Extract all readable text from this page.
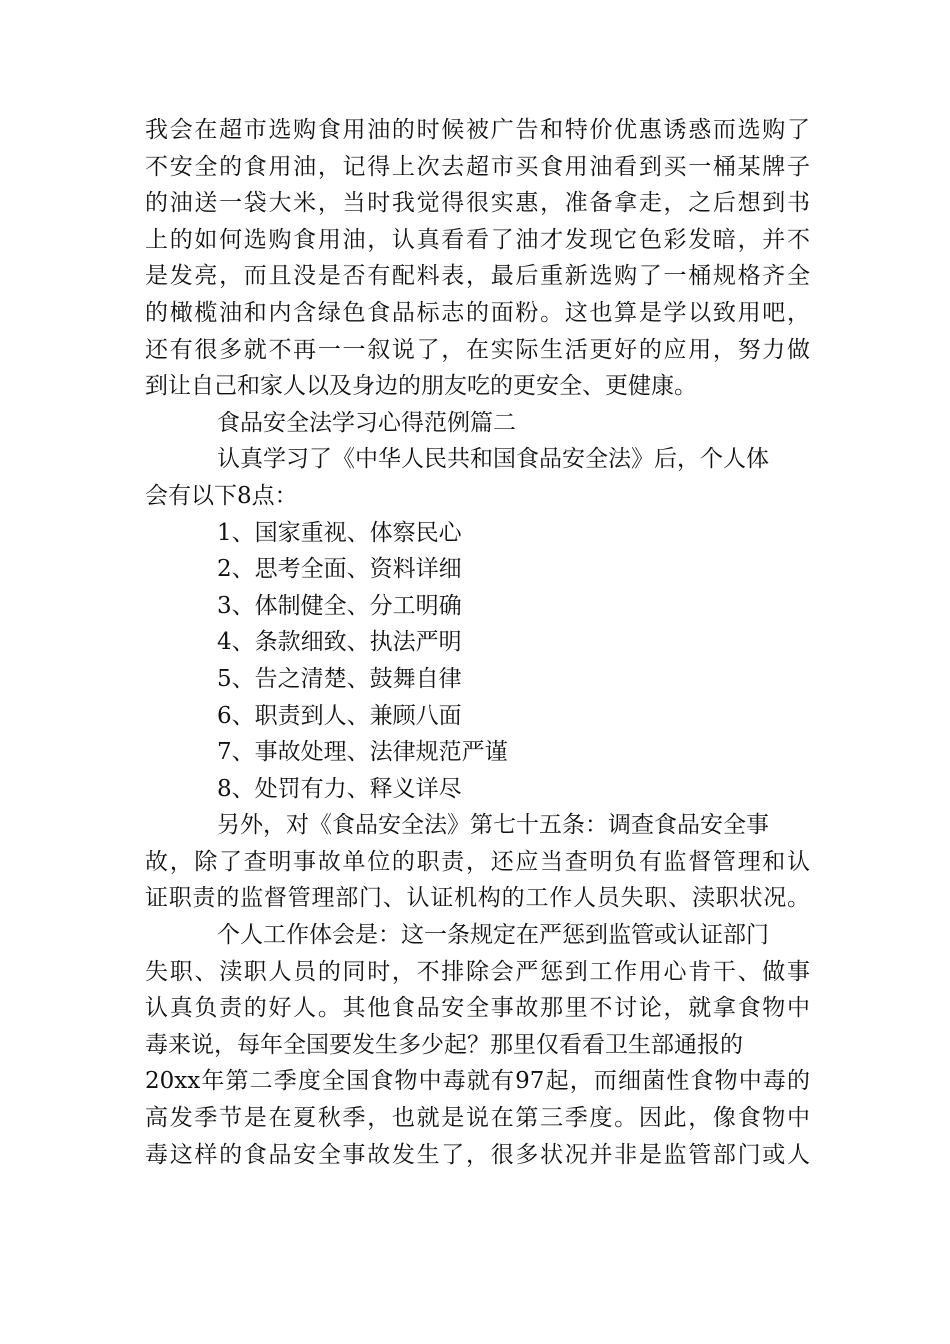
我会在超市选购食用油的时候被广告和特价优惠诱惑而选购了
不安全的食用油，记得上次去超市买食用油看到买一桶某牌子
的油送一袋大米，当时我觉得很实惠，准备拿走，之后想到书
上的如何选购食用油，认真看看了油才发现它色彩发暗，并不
是发亮，而且没是否有配料表，最后重新选购了一桶规格齐全
的橄榄油和内含绿色食品标志的面粉。这也算是学以致用吧，
还有很多就不再一一叙说了，在实际生活更好的应用，努力做
到让自己和家人以及身边的朋友吃的更安全、更健康。
食品安全法学习心得范例篇二
认真学习了《中华人民共和国食品安全法》后，个人体
会有以下8点：
1、国家重视、体察民心
2、思考全面、资料详细
3、体制健全、分工明确
4、条款细致、执法严明
5、告之清楚、鼓舞自律
6、职责到人、兼顾八面
7、事故处理、法律规范严谨
8、处罚有力、释义详尽
另外，对《食品安全法》第七十五条：调查食品安全事
故，除了查明事故单位的职责，还应当查明负有监督管理和认
证职责的监督管理部门、认证机构的工作人员失职、渎职状况。
个人工作体会是：这一条规定在严惩到监管或认证部门
失职、渎职人员的同时，不排除会严惩到工作用心肯干、做事
认真负责的好人。其他食品安全事故那里不讨论，就拿食物中
毒来说，每年全国要发生多少起？那里仅看看卫生部通报的
20xx年第二季度全国食物中毒就有97起，而细菌性食物中毒的
高发季节是在夏秋季，也就是说在第三季度。因此，像食物中
毒这样的食品安全事故发生了，很多状况并非是监管部门或人
